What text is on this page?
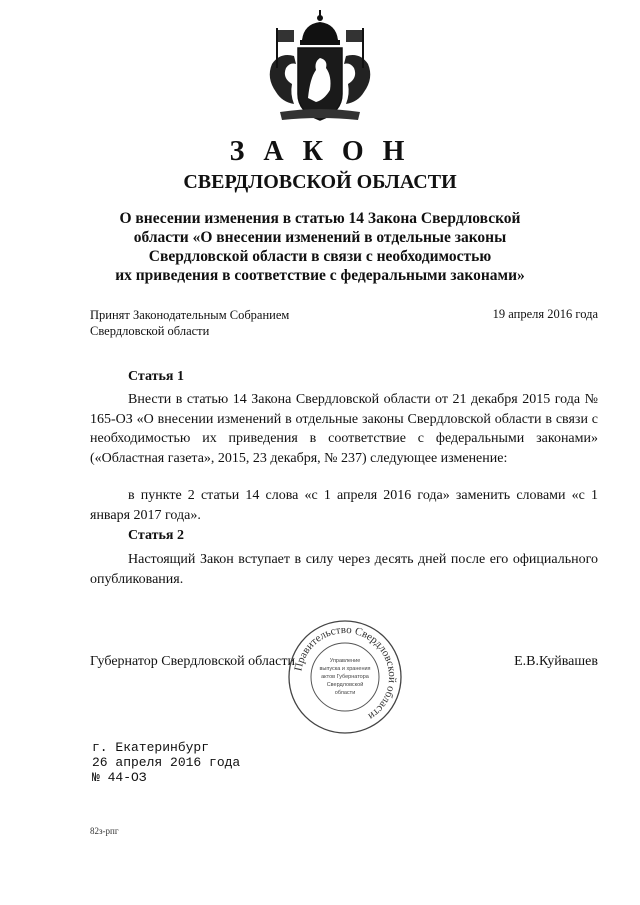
З А К О Н
СВЕРДЛОВСКОЙ ОБЛАСТИ
О внесении изменения в статью 14 Закона Свердловской
области «О внесении изменений в отдельные законы
Свердловской области в связи с необходимостью
их приведения в соответствие с федеральными законами»
Принят Законодательным Собранием
Свердловской области
19 апреля 2016 года
Статья 1
Внести в статью 14 Закона Свердловской области от 21 декабря 2015 года № 165-ОЗ «О внесении изменений в отдельные законы Свердловской области в связи с необходимостью их приведения в соответствие с федеральными законами» («Областная газета», 2015, 23 декабря, № 237) следующее изменение:
в пункте 2 статьи 14 слова «с 1 апреля 2016 года» заменить словами «с 1 января 2017 года».
Статья 2
Настоящий Закон вступает в силу через десять дней после его официального опубликования.
Губернатор Свердловской области	Е.В.Куйвашев
Правительство Свердловской области
Управление
выпуска и хранения
актов Губернатора
Свердловской
области
г. Екатеринбург
26 апреля 2016 года
№ 44-ОЗ
82з-рпг
